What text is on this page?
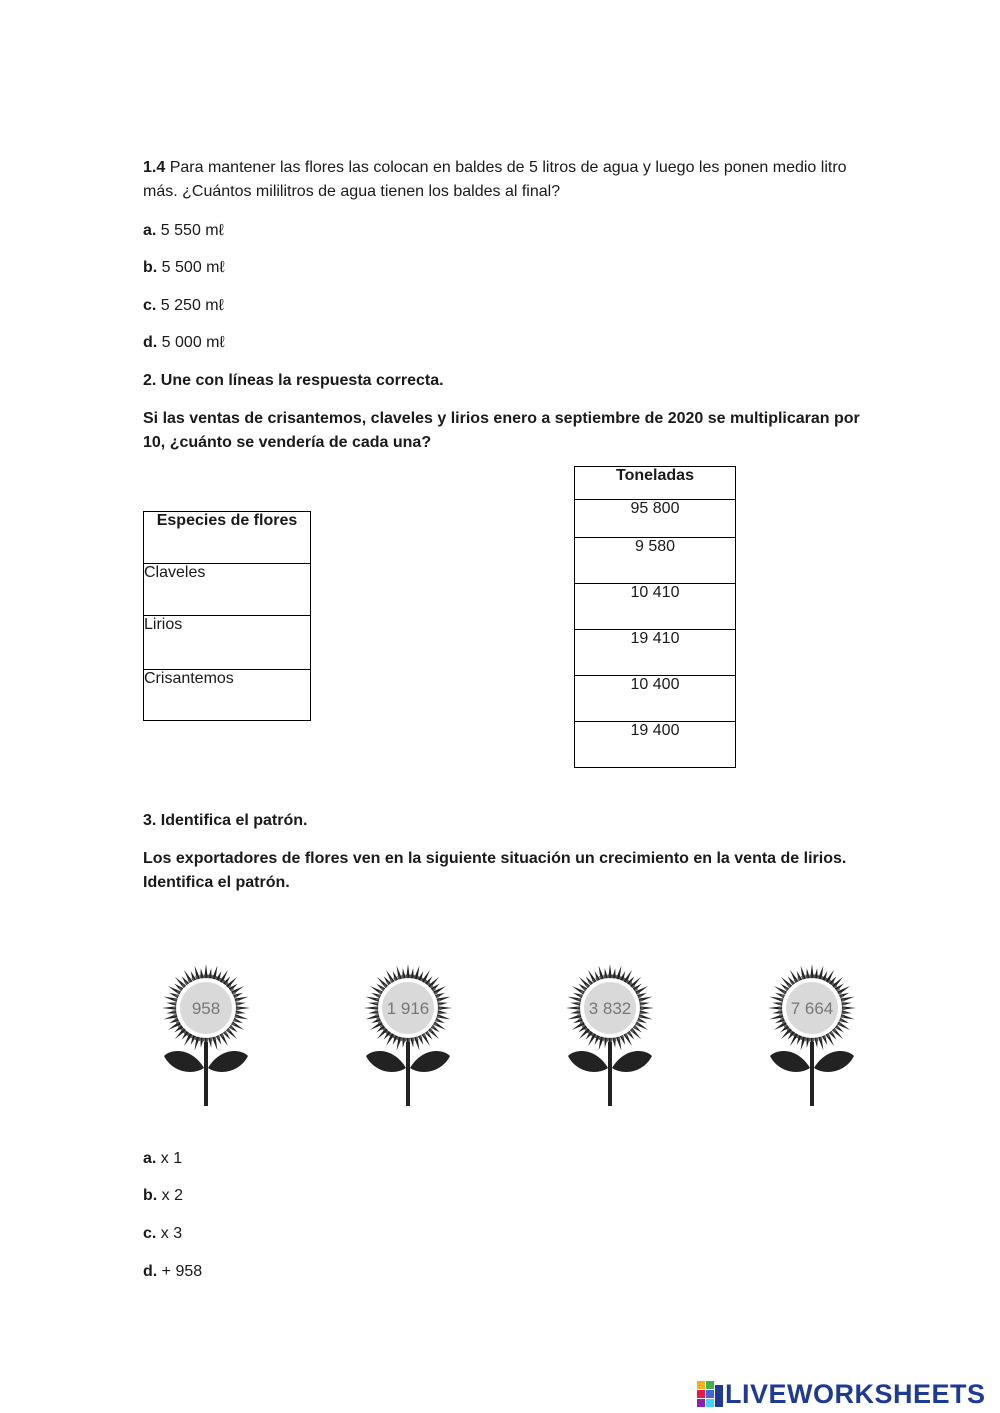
1.4 Para mantener las flores las colocan en baldes de 5 litros de agua y luego les ponen medio litro más. ¿Cuántos mililitros de agua tienen los baldes al final?

a. 5 550 mℓ
b. 5 500 mℓ
c. 5 250 mℓ
d. 5 000 mℓ
2. Une con líneas la respuesta correcta.

Si las ventas de crisantemos, claveles y lirios enero a septiembre de 2020 se multiplicaran por 10, ¿cuánto se vendería de cada una?

Especies de flores
Claveles
Lirios
Crisantemos
Toneladas
95 800
9 580
10 410
19 410
10 400
19 400
3. Identifica el patrón.

Los exportadores de flores ven en la siguiente situación un crecimiento en la venta de lirios. Identifica el patrón.

958	1 916	3 832	7 664
a. x 1
b. x 2
c. x 3
d. + 958
LIVEWORKSHEETS
